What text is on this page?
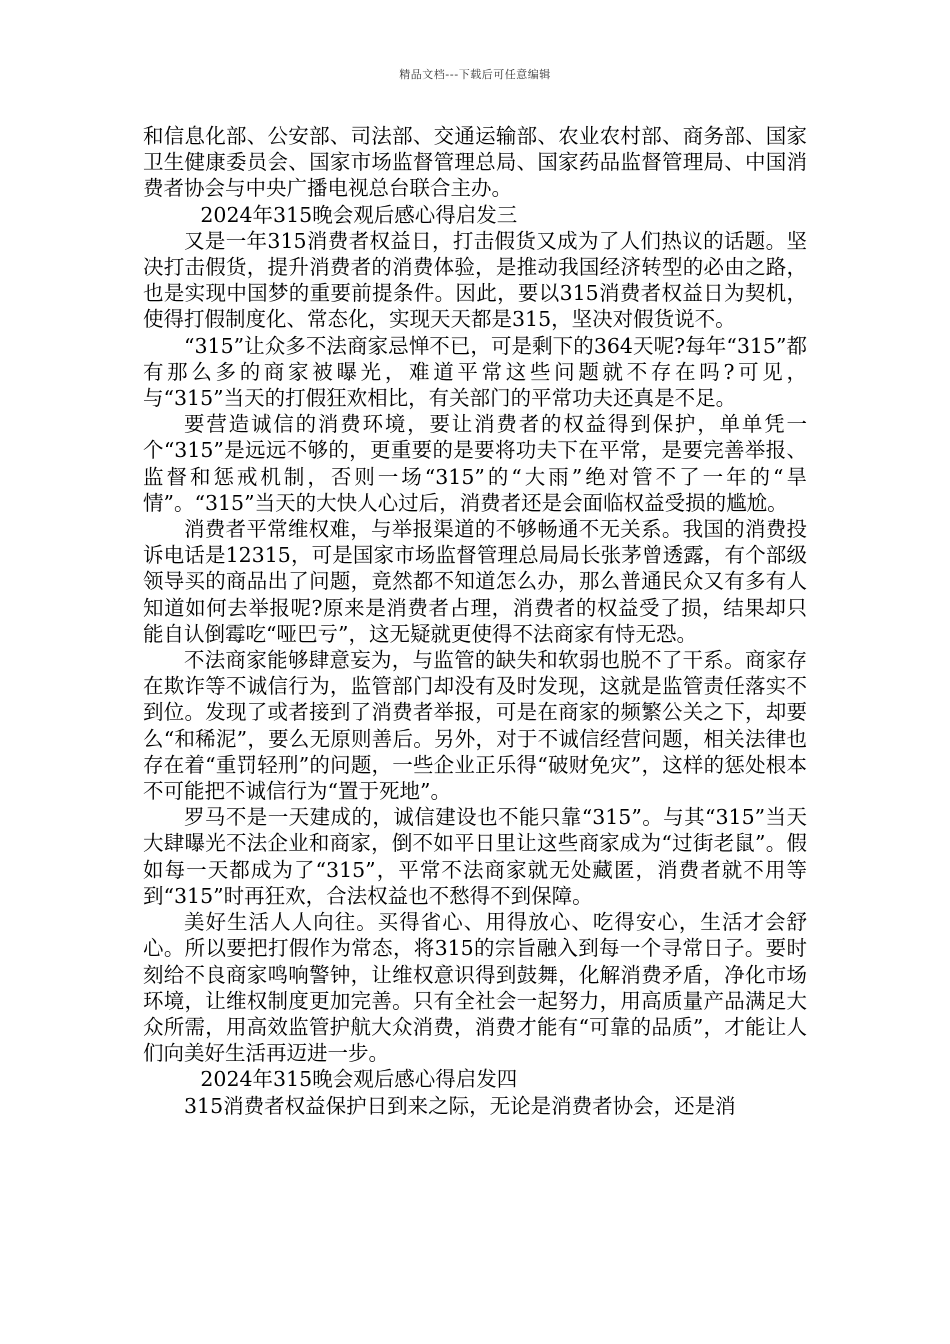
精品文档---下载后可任意编辑

和信息化部、公安部、司法部、交通运输部、农业农村部、商务部、国家卫生健康委员会、国家市场监督管理总局、国家药品监督管理局、中国消费者协会与中央广播电视总台联合主办。

2024年315晚会观后感心得启发三

又是一年315消费者权益日，打击假货又成为了人们热议的话题。坚决打击假货，提升消费者的消费体验，是推动我国经济转型的必由之路，也是实现中国梦的重要前提条件。因此，要以315消费者权益日为契机，使得打假制度化、常态化，实现天天都是315，坚决对假货说不。

“315”让众多不法商家忌惮不已，可是剩下的364天呢?每年“315”都有那么多的商家被曝光，难道平常这些问题就不存在吗?可见，与“315”当天的打假狂欢相比，有关部门的平常功夫还真是不足。

要营造诚信的消费环境，要让消费者的权益得到保护，单单凭一个“315”是远远不够的，更重要的是要将功夫下在平常，是要完善举报、监督和惩戒机制，否则一场“315”的“大雨”绝对管不了一年的“旱情”。“315”当天的大快人心过后，消费者还是会面临权益受损的尴尬。

消费者平常维权难，与举报渠道的不够畅通不无关系。我国的消费投诉电话是12315，可是国家市场监督管理总局局长张茅曾透露，有个部级领导买的商品出了问题，竟然都不知道怎么办，那么普通民众又有多有人知道如何去举报呢?原来是消费者占理，消费者的权益受了损，结果却只能自认倒霉吃“哑巴亏”，这无疑就更使得不法商家有恃无恐。

不法商家能够肆意妄为，与监管的缺失和软弱也脱不了干系。商家存在欺诈等不诚信行为，监管部门却没有及时发现，这就是监管责任落实不到位。发现了或者接到了消费者举报，可是在商家的频繁公关之下，却要么“和稀泥”，要么无原则善后。另外，对于不诚信经营问题，相关法律也存在着“重罚轻刑”的问题，一些企业正乐得“破财免灾”，这样的惩处根本不可能把不诚信行为“置于死地”。

罗马不是一天建成的，诚信建设也不能只靠“315”。与其“315”当天大肆曝光不法企业和商家，倒不如平日里让这些商家成为“过街老鼠”。假如每一天都成为了“315”，平常不法商家就无处藏匿，消费者就不用等到“315”时再狂欢，合法权益也不愁得不到保障。

美好生活人人向往。买得省心、用得放心、吃得安心，生活才会舒心。所以要把打假作为常态，将315的宗旨融入到每一个寻常日子。要时刻给不良商家鸣响警钟，让维权意识得到鼓舞，化解消费矛盾，净化市场环境，让维权制度更加完善。只有全社会一起努力，用高质量产品满足大众所需，用高效监管护航大众消费，消费才能有“可靠的品质”，才能让人们向美好生活再迈进一步。

2024年315晚会观后感心得启发四

315消费者权益保护日到来之际，无论是消费者协会，还是消
